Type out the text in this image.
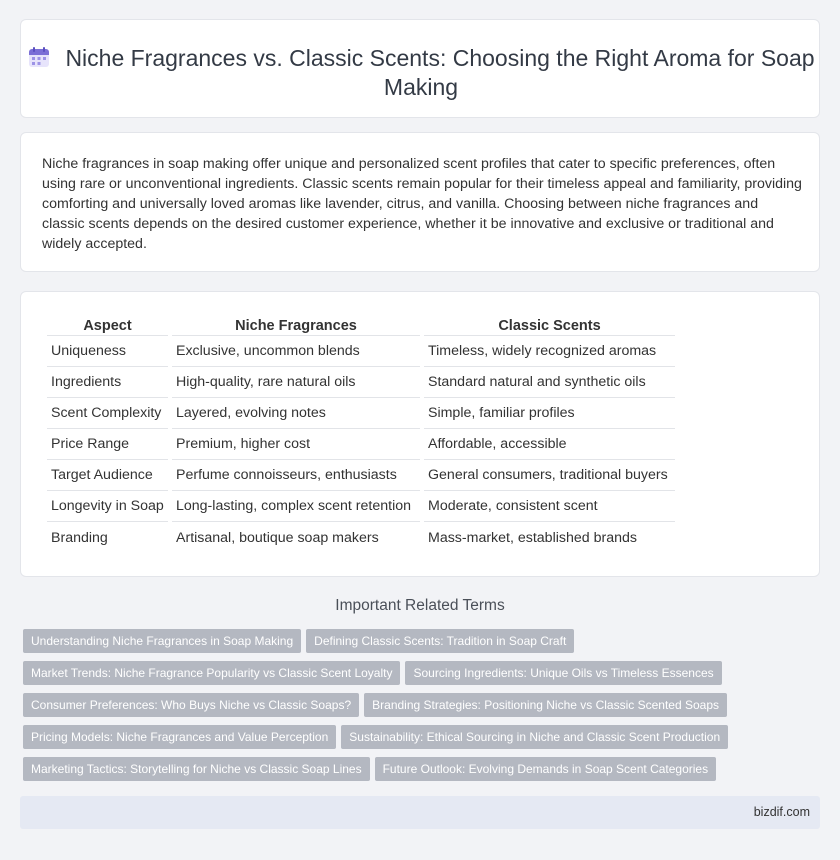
Niche Fragrances vs. Classic Scents: Choosing the Right Aroma for Soap Making

Niche fragrances in soap making offer unique and personalized scent profiles that cater to specific preferences, often using rare or unconventional ingredients. Classic scents remain popular for their timeless appeal and familiarity, providing comforting and universally loved aromas like lavender, citrus, and vanilla. Choosing between niche fragrances and classic scents depends on the desired customer experience, whether it be innovative and exclusive or traditional and widely accepted.

Aspect	Niche Fragrances	Classic Scents
Uniqueness	Exclusive, uncommon blends	Timeless, widely recognized aromas
Ingredients	High-quality, rare natural oils	Standard natural and synthetic oils
Scent Complexity	Layered, evolving notes	Simple, familiar profiles
Price Range	Premium, higher cost	Affordable, accessible
Target Audience	Perfume connoisseurs, enthusiasts	General consumers, traditional buyers
Longevity in Soap	Long-lasting, complex scent retention	Moderate, consistent scent
Branding	Artisanal, boutique soap makers	Mass-market, established brands
Important Related Terms
Understanding Niche Fragrances in Soap Making Defining Classic Scents: Tradition in Soap Craft
Market Trends: Niche Fragrance Popularity vs Classic Scent Loyalty Sourcing Ingredients: Unique Oils vs Timeless Essences
Consumer Preferences: Who Buys Niche vs Classic Soaps? Branding Strategies: Positioning Niche vs Classic Scented Soaps
Pricing Models: Niche Fragrances and Value Perception Sustainability: Ethical Sourcing in Niche and Classic Scent Production
Marketing Tactics: Storytelling for Niche vs Classic Soap Lines Future Outlook: Evolving Demands in Soap Scent Categories
bizdif.com
